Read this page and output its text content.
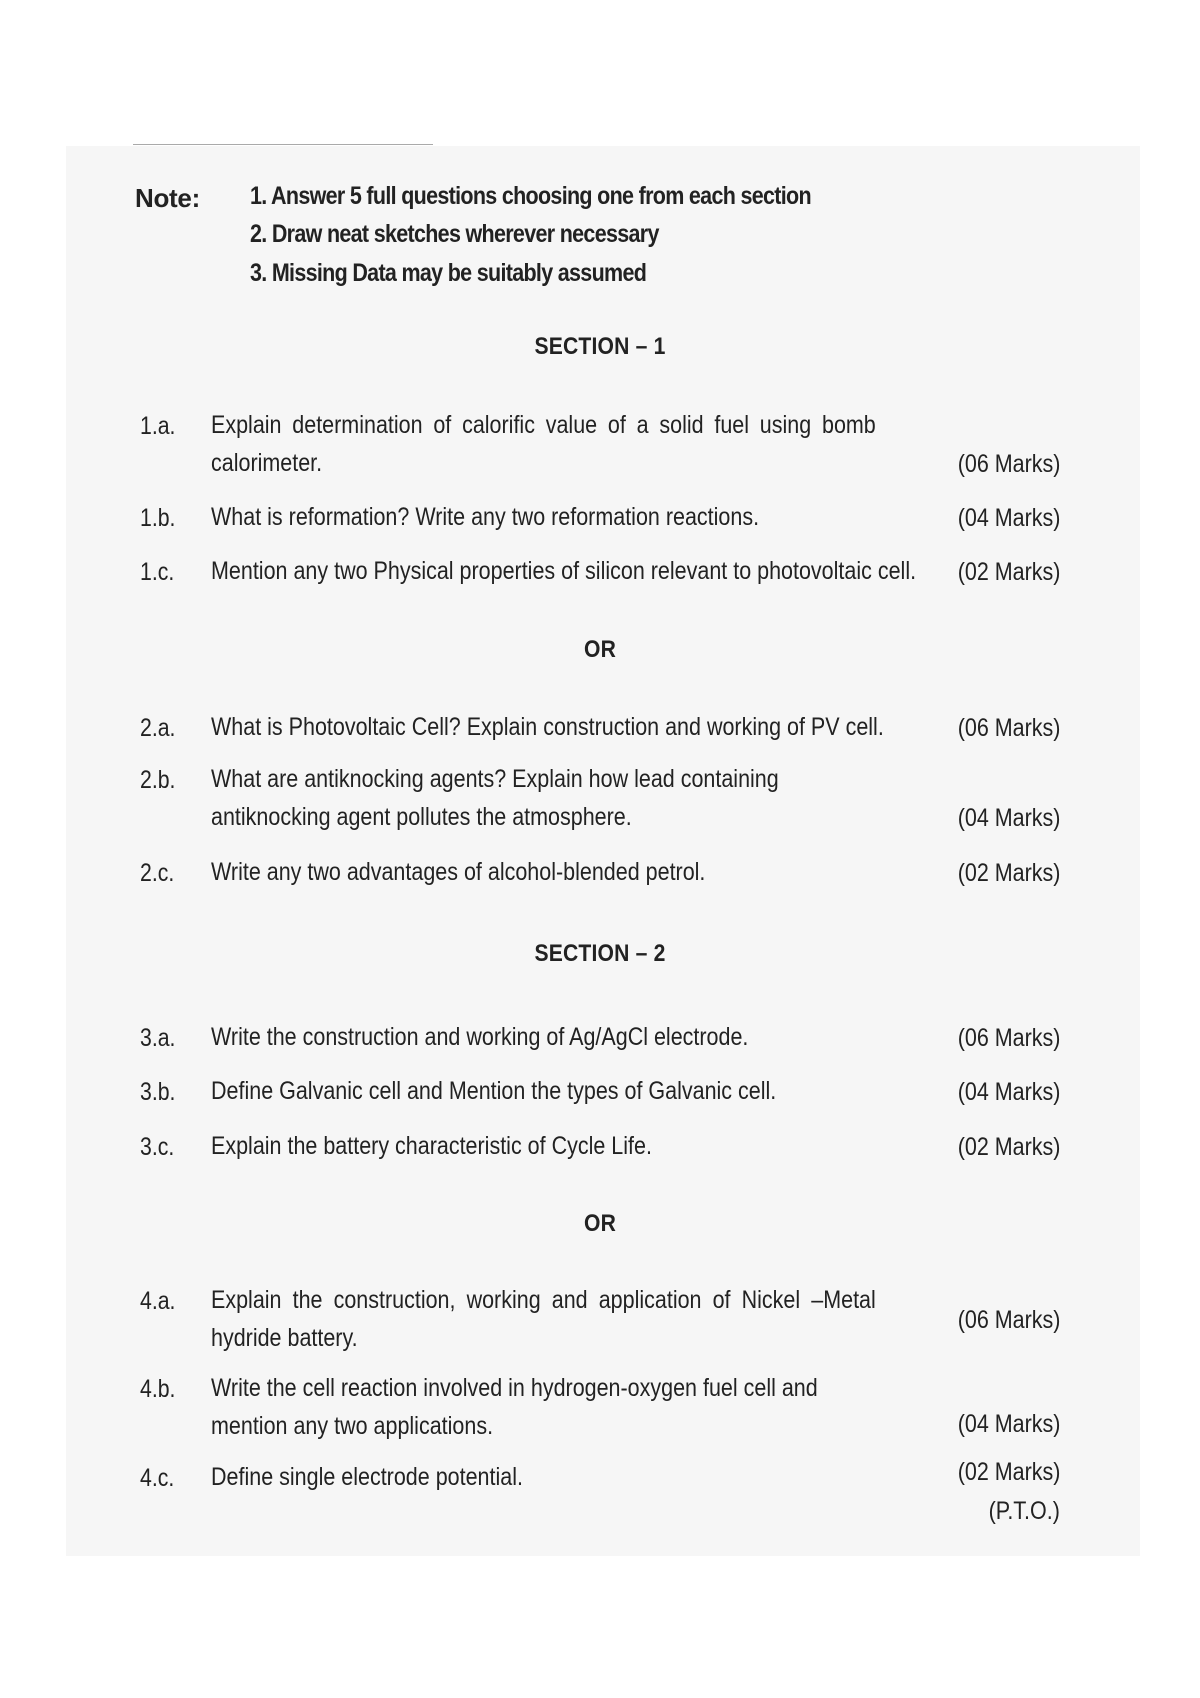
Note: 1. Answer 5 full questions choosing one from each section
2. Draw neat sketches wherever necessary
3. Missing Data may be suitably assumed
SECTION – 1
1.a. Explain determination of calorific value of a solid fuel using bomb calorimeter.	(06 Marks)
1.b. What is reformation? Write any two reformation reactions.	(04 Marks)
1.c. Mention any two Physical properties of silicon relevant to photovoltaic cell. (02 Marks)
OR
2.a. What is Photovoltaic Cell? Explain construction and working of PV cell.	(06 Marks)
2.b. What are antiknocking agents? Explain how lead containing antiknocking agent pollutes the atmosphere.	(04 Marks)
2.c. Write any two advantages of alcohol-blended petrol.	(02 Marks)
SECTION – 2
3.a. Write the construction and working of Ag/AgCl electrode.	(06 Marks)
3.b. Define Galvanic cell and Mention the types of Galvanic cell.	(04 Marks)
3.c. Explain the battery characteristic of Cycle Life.	(02 Marks)
OR
4.a. Explain the construction, working and application of Nickel –Metal hydride battery.
(06 Marks)
4.b. Write the cell reaction involved in hydrogen-oxygen fuel cell and mention any two applications.	(04 Marks)
4.c. Define single electrode potential.	(02 Marks)
(P.T.O.)
